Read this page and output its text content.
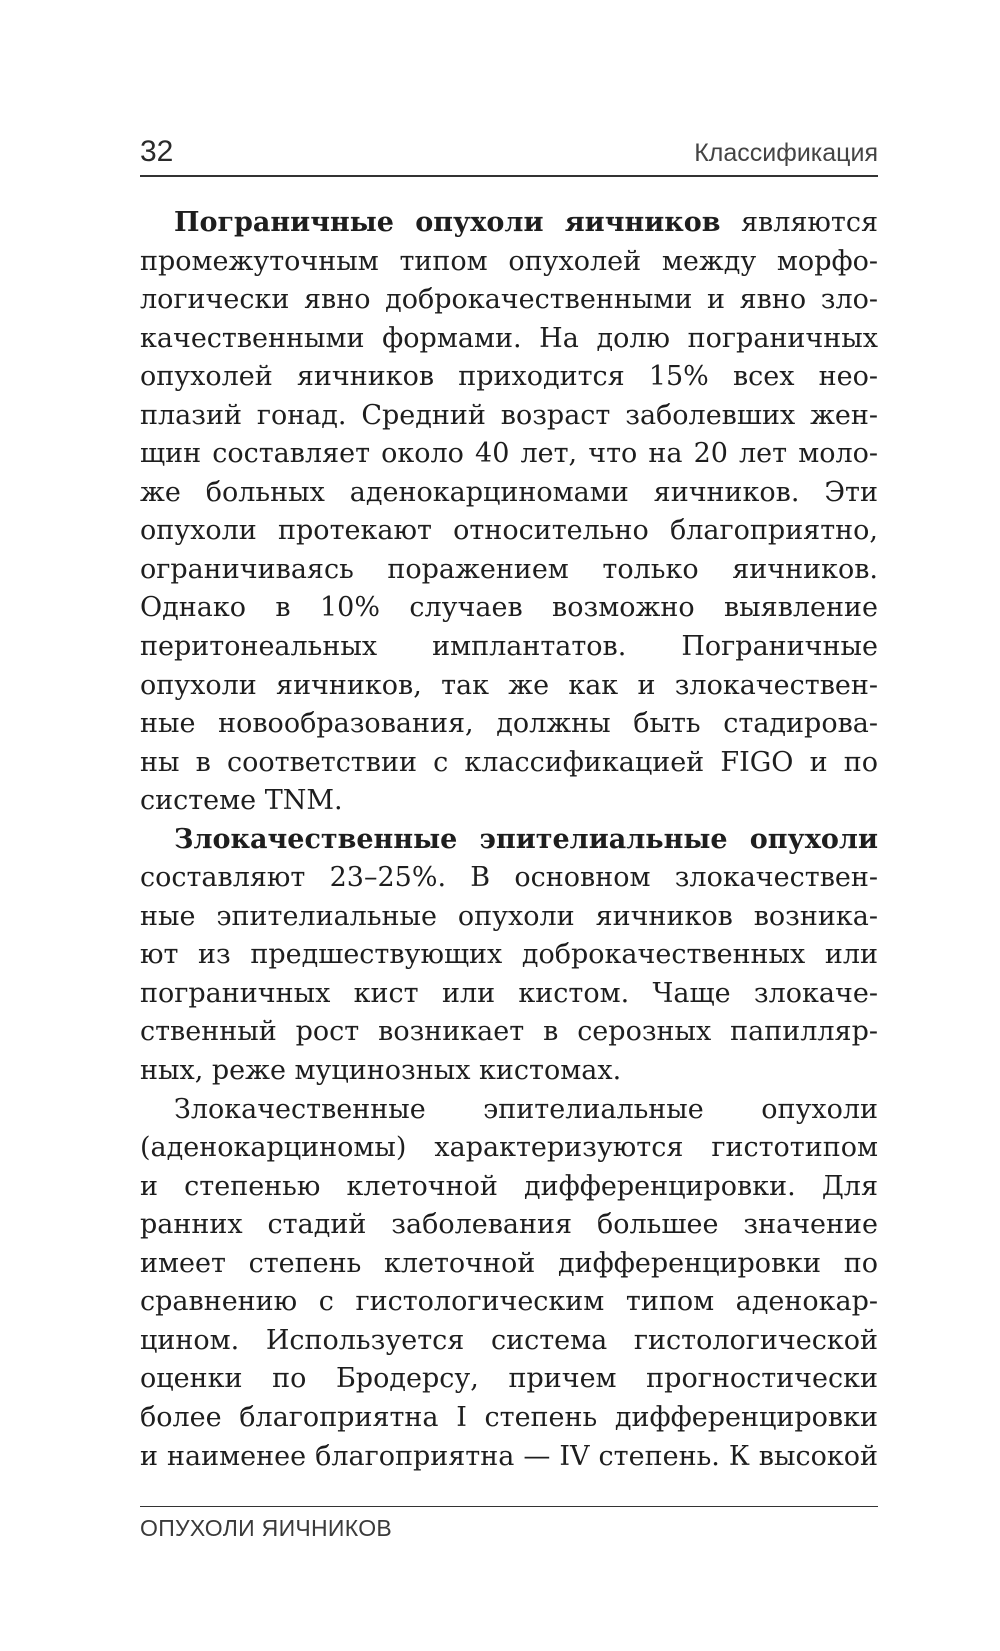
32	Классификация
Пограничные опухоли яичников являются
промежуточным типом опухолей между морфо-
логически явно доброкачественными и явно зло-
качественными формами. На долю пограничных
опухолей яичников приходится 15% всех нео-
плазий гонад. Средний возраст заболевших жен-
щин составляет около 40 лет, что на 20 лет моло-
же больных аденокарциномами яичников. Эти
опухоли протекают относительно благоприятно,
ограничиваясь поражением только яичников.
Однако в 10% случаев возможно выявление
перитонеальных имплантатов. Пограничные
опухоли яичников, так же как и злокачествен-
ные новообразования, должны быть стадирова-
ны в соответствии с классификацией FIGO и по
системе TNM.
Злокачественные эпителиальные опухоли
составляют 23–25%. В основном злокачествен-
ные эпителиальные опухоли яичников возника-
ют из предшествующих доброкачественных или
пограничных кист или кистом. Чаще злокаче-
ственный рост возникает в серозных папилляр-
ных, реже муцинозных кистомах.
Злокачественные эпителиальные опухоли
(аденокарциномы) характеризуются гистотипом
и степенью клеточной дифференцировки. Для
ранних стадий заболевания большее значение
имеет степень клеточной дифференцировки по
сравнению с гистологическим типом аденокар-
цином. Используется система гистологической
оценки по Бродерсу, причем прогностически
более благоприятна I степень дифференцировки
и наименее благоприятна — IV степень. К высокой
ОПУХОЛИ ЯИЧНИКОВ
